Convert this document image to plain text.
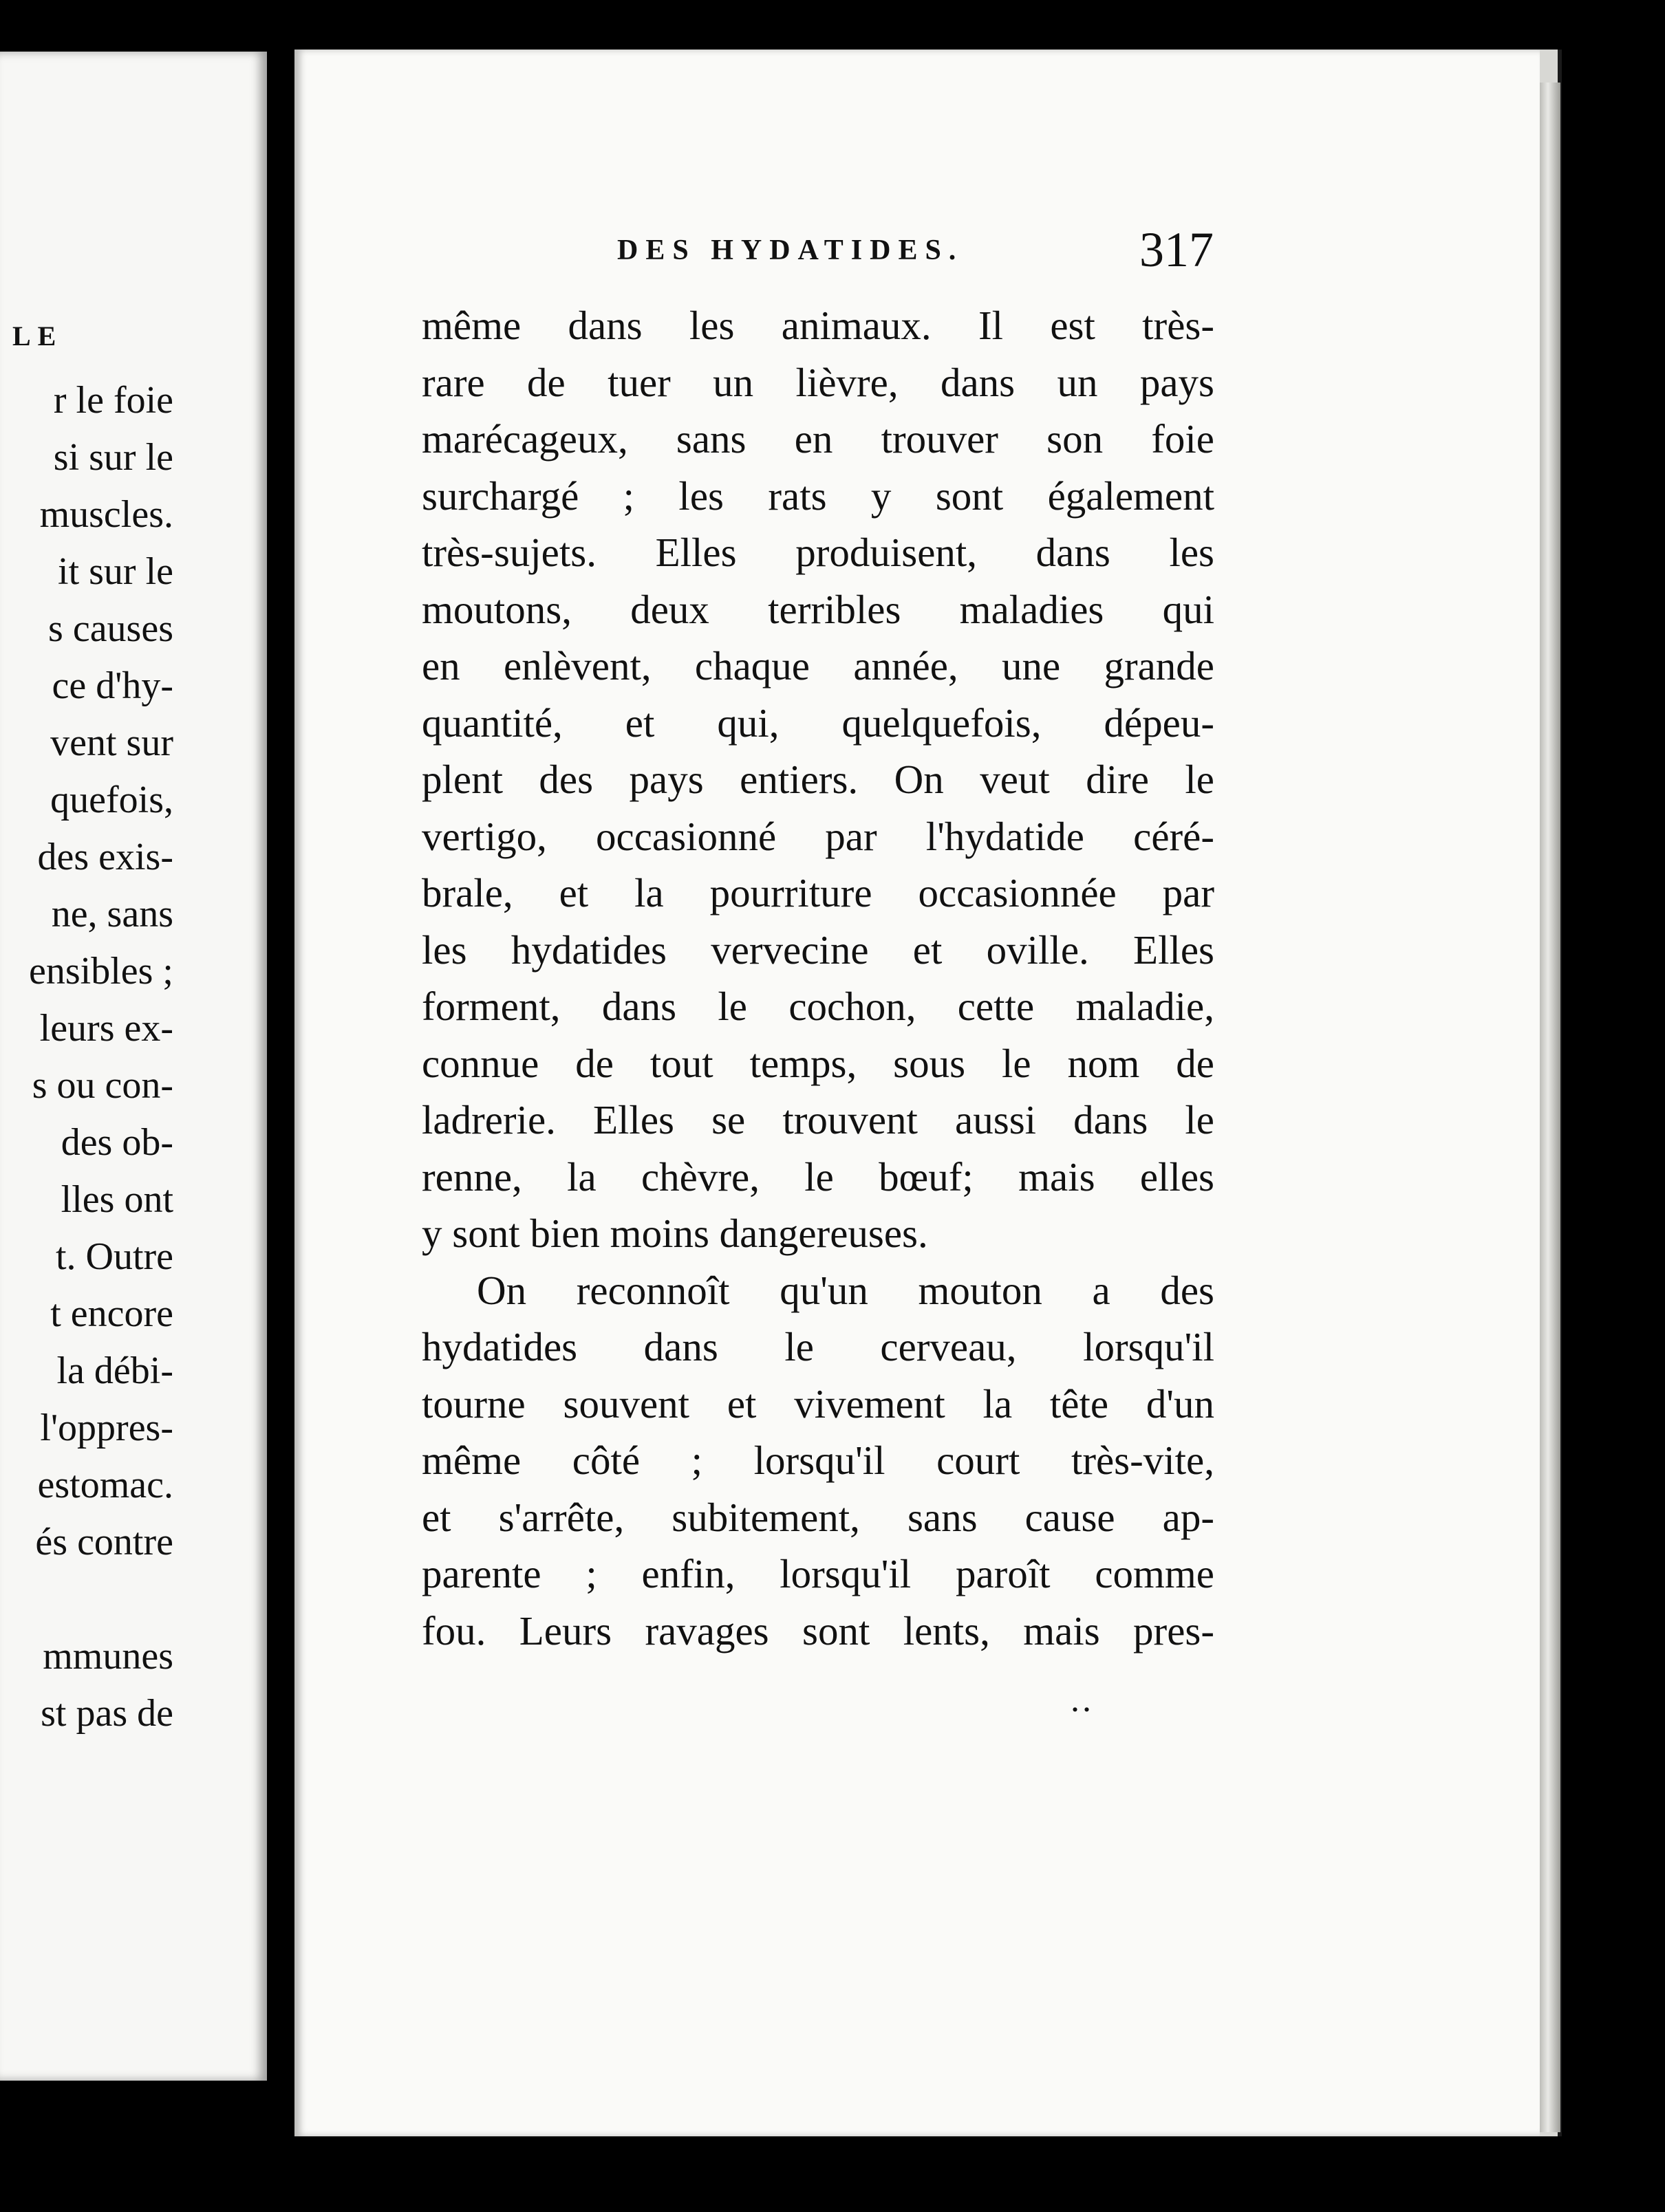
LE

r le foie
si sur le
muscles.
it sur le
s causes
ce d'hy-
vent sur
quefois,
des exis-
ne, sans
ensibles ;
leurs ex-
s ou con-
des ob-
lles ont
t. Outre
t encore
la débi-
l'oppres-
estomac.
és contre
mmunes
st pas de

DES HYDATIDES.	317

même dans les animaux. Il est très-
rare de tuer un lièvre, dans un pays
marécageux, sans en trouver son foie
surchargé ; les rats y sont également
très-sujets. Elles produisent, dans les
moutons, deux terribles maladies qui
en enlèvent, chaque année, une grande
quantité, et qui, quelquefois, dépeu-
plent des pays entiers. On veut dire le
vertigo, occasionné par l'hydatide céré-
brale, et la pourriture occasionnée par
les hydatides vervecine et oville. Elles
forment, dans le cochon, cette maladie,
connue de tout temps, sous le nom de
ladrerie. Elles se trouvent aussi dans le
renne, la chèvre, le bœuf; mais elles
y sont bien moins dangereuses.
On reconnoît qu'un mouton a des
hydatides dans le cerveau, lorsqu'il
tourne souvent et vivement la tête d'un
même côté ; lorsqu'il court très-vite,
et s'arrête, subitement, sans cause ap-
parente ; enfin, lorsqu'il paroît comme
fou. Leurs ravages sont lents, mais pres-

..
